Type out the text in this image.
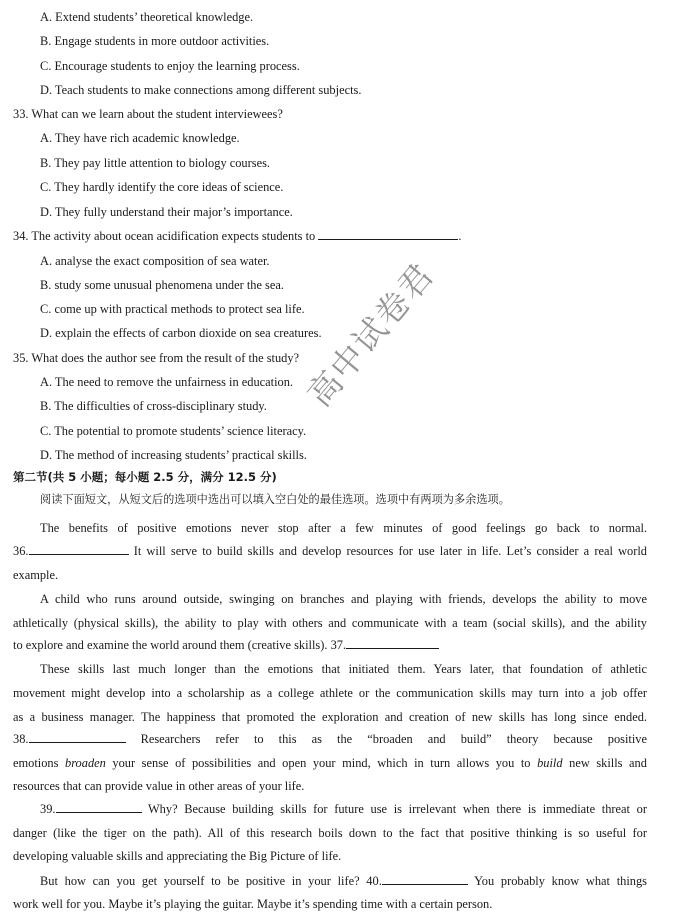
A. Extend students’ theoretical knowledge.
B. Engage students in more outdoor activities.
C. Encourage students to enjoy the learning process.
D. Teach students to make connections among different subjects.
33. What can we learn about the student interviewees?
A. They have rich academic knowledge.
B. They pay little attention to biology courses.
C. They hardly identify the core ideas of science.
D. They fully understand their major’s importance.
34. The activity about ocean acidification expects students to	.
A. analyse the exact composition of sea water.
B. study some unusual phenomena under the sea.
C. come up with practical methods to protect sea life.
D. explain the effects of carbon dioxide on sea creatures.
35. What does the author see from the result of the study?
A. The need to remove the unfairness in education.
B. The difficulties of cross-disciplinary study.
C. The potential to promote students’ science literacy.
D. The method of increasing students’ practical skills.
第二节(共 5 小题；每小题 2.5 分，满分 12.5 分)
阅读下面短文，从短文后的选项中选出可以填入空白处的最佳选项。选项中有两项为多余选项。
The benefits of positive emotions never stop after a few minutes of good feelings go back to normal.
36.	It will serve to build skills and develop resources for use later in life. Let’s consider a real world
example.
A child who runs around outside, swinging on branches and playing with friends, develops the ability to move
athletically (physical skills), the ability to play with others and communicate with a team (social skills), and the ability
to explore and examine the world around them (creative skills). 37.
These skills last much longer than the emotions that initiated them. Years later, that foundation of athletic
movement might develop into a scholarship as a college athlete or the communication skills may turn into a job offer
as a business manager. The happiness that promoted the exploration and creation of new skills has long since ended.
38.	Researchers refer to this as the “broaden and build” theory because positive
emotions broaden your sense of possibilities and open your mind, which in turn allows you to build new skills and
resources that can provide value in other areas of your life.
39.	Why? Because building skills for future use is irrelevant when there is immediate threat or
danger (like the tiger on the path). All of this research boils down to the fact that positive thinking is so useful for
developing valuable skills and appreciating the Big Picture of life.
But how can you get yourself to be positive in your life? 40.	You probably know what things
work well for you. Maybe it’s playing the guitar. Maybe it’s spending time with a certain person.
高中试卷君
